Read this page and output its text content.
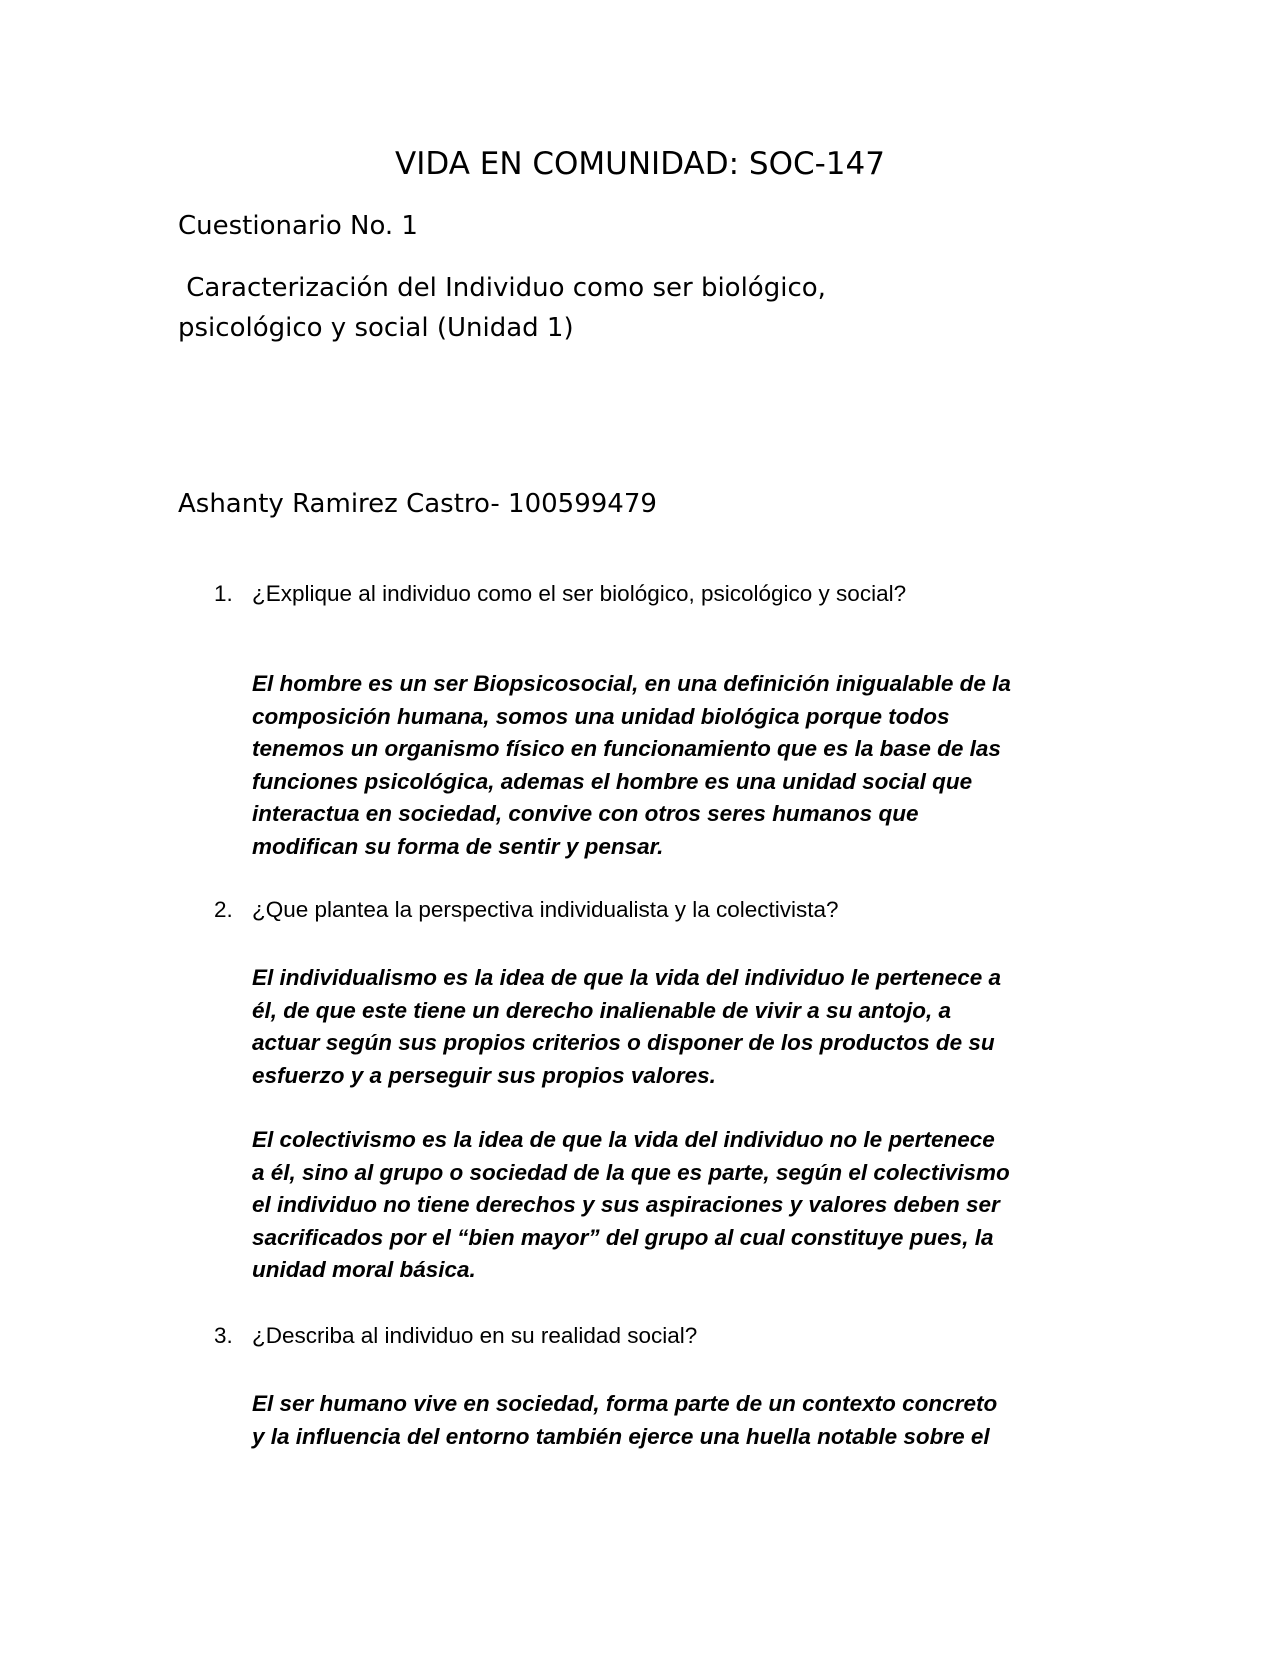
VIDA EN COMUNIDAD: SOC-147
Cuestionario No. 1
Caracterización del Individuo como ser biológico,
psicológico y social (Unidad 1)
Ashanty Ramirez Castro- 100599479
1. ¿Explique al individuo como el ser biológico, psicológico y social?
El hombre es un ser Biopsicosocial, en una definición inigualable de la
composición humana, somos una unidad biológica porque todos
tenemos un organismo físico en funcionamiento que es la base de las
funciones psicológica, ademas el hombre es una unidad social que
interactua en sociedad, convive con otros seres humanos que
modifican su forma de sentir y pensar.
2. ¿Que plantea la perspectiva individualista y la colectivista?
El individualismo es la idea de que la vida del individuo le pertenece a
él, de que este tiene un derecho inalienable de vivir a su antojo, a
actuar según sus propios criterios o disponer de los productos de su
esfuerzo y a perseguir sus propios valores.
El colectivismo es la idea de que la vida del individuo no le pertenece
a él, sino al grupo o sociedad de la que es parte, según el colectivismo
el individuo no tiene derechos y sus aspiraciones y valores deben ser
sacrificados por el “bien mayor” del grupo al cual constituye pues, la
unidad moral básica.
3. ¿Describa al individuo en su realidad social?
El ser humano vive en sociedad, forma parte de un contexto concreto
y la influencia del entorno también ejerce una huella notable sobre el
